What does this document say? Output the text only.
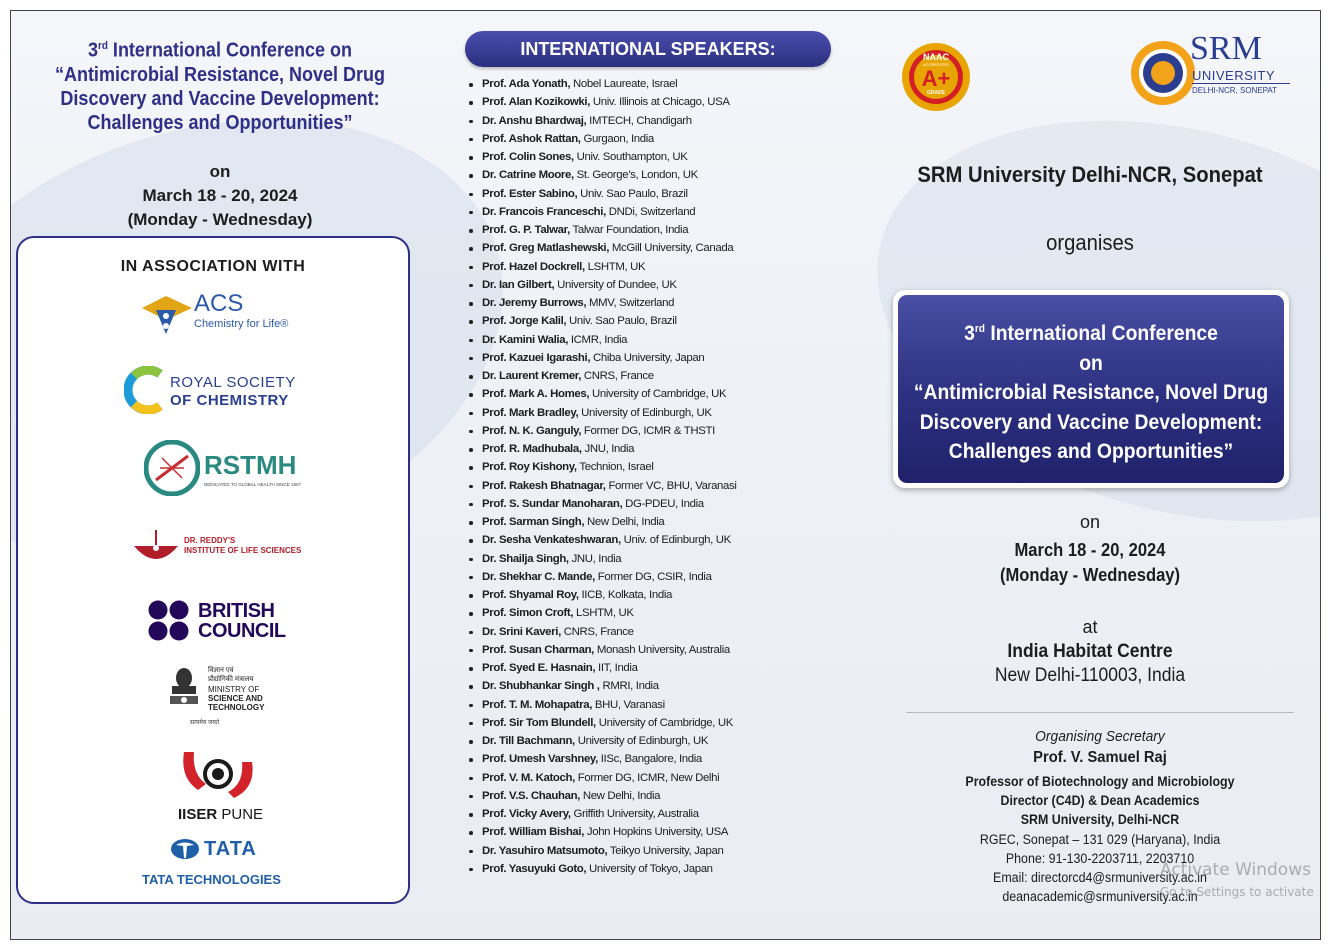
3rd International Conference on
“Antimicrobial Resistance, Novel Drug
Discovery and Vaccine Development:
Challenges and Opportunities”
on
March 18 - 20, 2024
(Monday - Wednesday)
IN ASSOCIATION WITH
ACS
Chemistry for Life®
ROYAL SOCIETY
OF CHEMISTRY
RSTMH
DEDICATED TO GLOBAL HEALTH SINCE 1907
DR. REDDY'S
INSTITUTE OF LIFE SCIENCES
BRITISH
COUNCIL
सत्यमेव जयते
विज्ञान एवं
प्रौद्योगिकी मंत्रालय
MINISTRY OF
SCIENCE AND
TECHNOLOGY
IISER PUNE
TATA
TATA TECHNOLOGIES
INTERNATIONAL SPEAKERS:
Prof. Ada Yonath, Nobel Laureate, Israel
Prof. Alan Kozikowki, Univ. Illinois at Chicago, USA
Dr. Anshu Bhardwaj, IMTECH, Chandigarh
Prof. Ashok Rattan, Gurgaon, India
Prof. Colin Sones, Univ. Southampton, UK
Dr. Catrine Moore, St. George’s, London, UK
Prof. Ester Sabino, Univ. Sao Paulo, Brazil
Dr. Francois Franceschi, DNDi, Switzerland
Prof. G. P. Talwar, Talwar Foundation, India
Prof. Greg Matlashewski, McGill University, Canada
Prof. Hazel Dockrell, LSHTM, UK
Dr. Ian Gilbert, University of Dundee, UK
Dr. Jeremy Burrows, MMV, Switzerland
Prof. Jorge Kalil, Univ. Sao Paulo, Brazil
Dr. Kamini Walia, ICMR, India
Prof. Kazuei Igarashi, Chiba University, Japan
Dr. Laurent Kremer, CNRS, France
Prof. Mark A. Homes, University of Cambridge, UK
Prof. Mark Bradley, University of Edinburgh, UK
Prof. N. K. Ganguly, Former DG, ICMR & THSTI
Prof. R. Madhubala, JNU, India
Prof. Roy Kishony, Technion, Israel
Prof. Rakesh Bhatnagar, Former VC, BHU, Varanasi
Prof. S. Sundar Manoharan, DG-PDEU, India
Prof. Sarman Singh, New Delhi, India
Dr. Sesha Venkateshwaran, Univ. of Edinburgh, UK
Dr. Shailja Singh, JNU, India
Dr. Shekhar C. Mande, Former DG, CSIR, India
Prof. Shyamal Roy, IICB, Kolkata, India
Prof. Simon Croft, LSHTM, UK
Dr. Srini Kaveri, CNRS, France
Prof. Susan Charman, Monash University, Australia
Prof. Syed E. Hasnain, IIT, India
Dr. Shubhankar Singh , RMRI, India
Prof. T. M. Mohapatra, BHU, Varanasi
Prof. Sir Tom Blundell, University of Cambridge, UK
Dr. Till Bachmann, University of Edinburgh, UK
Prof. Umesh Varshney, IISc, Bangalore, India
Prof. V. M. Katoch, Former DG, ICMR, New Delhi
Prof. V.S. Chauhan, New Delhi, India
Prof. Vicky Avery, Griffith University, Australia
Prof. William Bishai, John Hopkins University, USA
Dr. Yasuhiro Matsumoto, Teikyo University, Japan
Prof. Yasuyuki Goto, University of Tokyo, Japan
NAAC
ACCREDITED
A+
GRADE
SRM
UNIVERSITY
DELHI-NCR, SONEPAT
SRM University Delhi-NCR, Sonepat
organises
3rd International Conference
on
“Antimicrobial Resistance, Novel Drug
Discovery and Vaccine Development:
Challenges and Opportunities”
on
March 18 - 20, 2024
(Monday - Wednesday)
at
India Habitat Centre
New Delhi-110003, India
Organising Secretary
Prof. V. Samuel Raj
Professor of Biotechnology and Microbiology
Director (C4D) & Dean Academics
SRM University, Delhi-NCR
RGEC, Sonepat – 131 029 (Haryana), India
Phone: 91-130-2203711, 2203710
Email: directorcd4@srmuniversity.ac.in
deanacademic@srmuniversity.ac.in
Activate Windows
Go to Settings to activate
